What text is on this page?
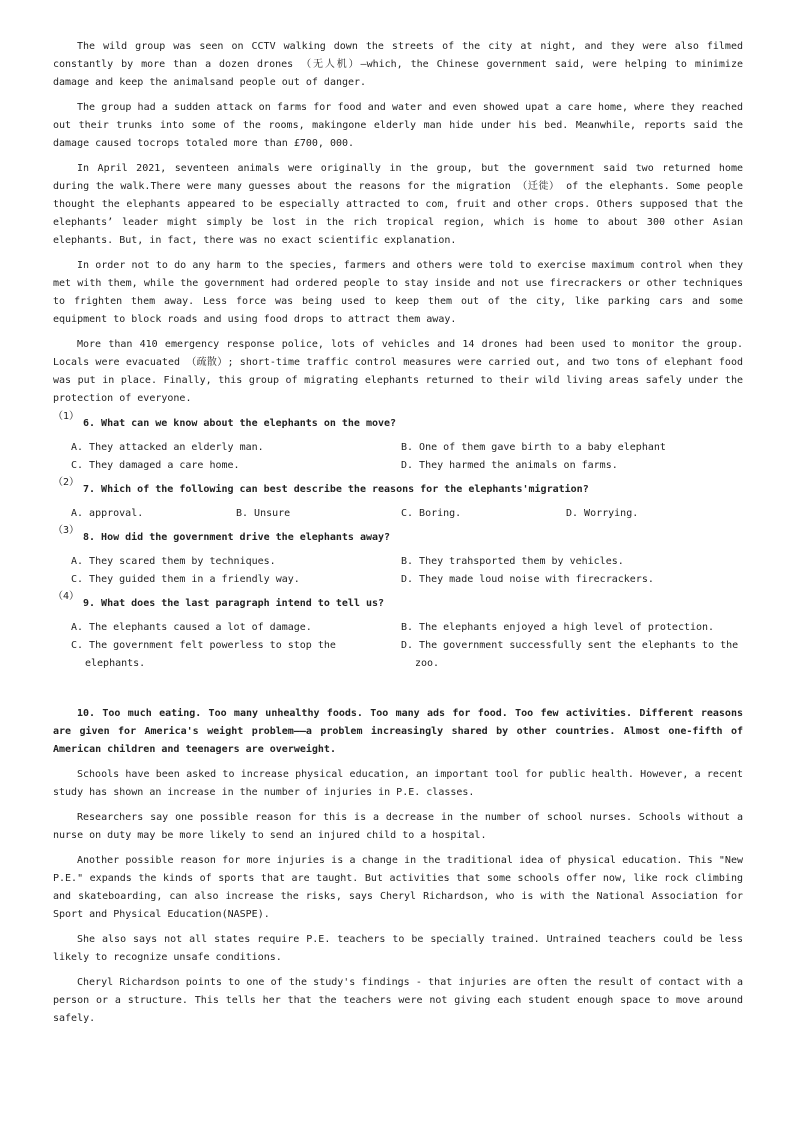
The wild group was seen on CCTV walking down the streets of the city at night, and they were also filmed constantly by more than a dozen drones （无人机）—which, the Chinese government said, were helping to minimize damage and keep the animalsand people out of danger.

The group had a sudden attack on farms for food and water and even showed upat a care home, where they reached out their trunks into some of the rooms, makingone elderly man hide under his bed. Meanwhile, reports said the damage caused tocrops totaled more than £700, 000.

In April 2021, seventeen animals were originally in the group, but the government said two returned home during the walk.There were many guesses about the reasons for the migration （迁徙） of the elephants. Some people thought the elephants appeared to be especially attracted to com, fruit and other crops. Others supposed that the elephants’ leader might simply be lost in the rich tropical region, which is home to about 300 other Asian elephants. But, in fact, there was no exact scientific explanation.

In order not to do any harm to the species, farmers and others were told to exercise maximum control when they met with them, while the government had ordered people to stay inside and not use firecrackers or other techniques to frighten them away. Less force was being used to keep them out of the city, like parking cars and some equipment to block roads and using food drops to attract them away.

More than 410 emergency response police, lots of vehicles and 14 drones had been used to monitor the group. Locals were evacuated （疏散）; short-time traffic control measures were carried out, and two tons of elephant food was put in place. Finally, this group of migrating elephants returned to their wild living areas safely under the protection of everyone.

（1）
6. What can we know about the elephants on the move?
A. They attacked an elderly man.	B. One of them gave birth to a baby elephant
C. They damaged a care home.	D. They harmed the animals on farms.
（2）
7. Which of the following can best describe the reasons for the elephants'migration?
A. approval.	B. Unsure	C. Boring.	D. Worrying.
（3）
8. How did the government drive the elephants away?
A. They scared them by techniques.	B. They trahsported them by vehicles.
C. They guided them in a friendly way.	D. They made loud noise with firecrackers.
（4）
9. What does the last paragraph intend to tell us?
A. The elephants caused a lot of damage.	B. The elephants enjoyed a high level of protection.
C. The government felt powerless to stop the elephants.
D. The government successfully sent the elephants to the zoo.

10. Too much eating. Too many unhealthy foods. Too many ads for food. Too few activities. Different reasons are given for America's weight problem——a problem increasingly shared by other countries. Almost one-fifth of American children and teenagers are overweight.

Schools have been asked to increase physical education, an important tool for public health. However, a recent study has shown an increase in the number of injuries in P.E. classes.

Researchers say one possible reason for this is a decrease in the number of school nurses. Schools without a nurse on duty may be more likely to send an injured child to a hospital.

Another possible reason for more injuries is a change in the traditional idea of physical education. This "New P.E." expands the kinds of sports that are taught. But activities that some schools offer now, like rock climbing and skateboarding, can also increase the risks, says Cheryl Richardson, who is with the National Association for Sport and Physical Education(NASPE).

She also says not all states require P.E. teachers to be specially trained. Untrained teachers could be less likely to recognize unsafe conditions.

Cheryl Richardson points to one of the study's findings - that injuries are often the result of contact with a person or a structure. This tells her that the teachers were not giving each student enough space to move around safely.
